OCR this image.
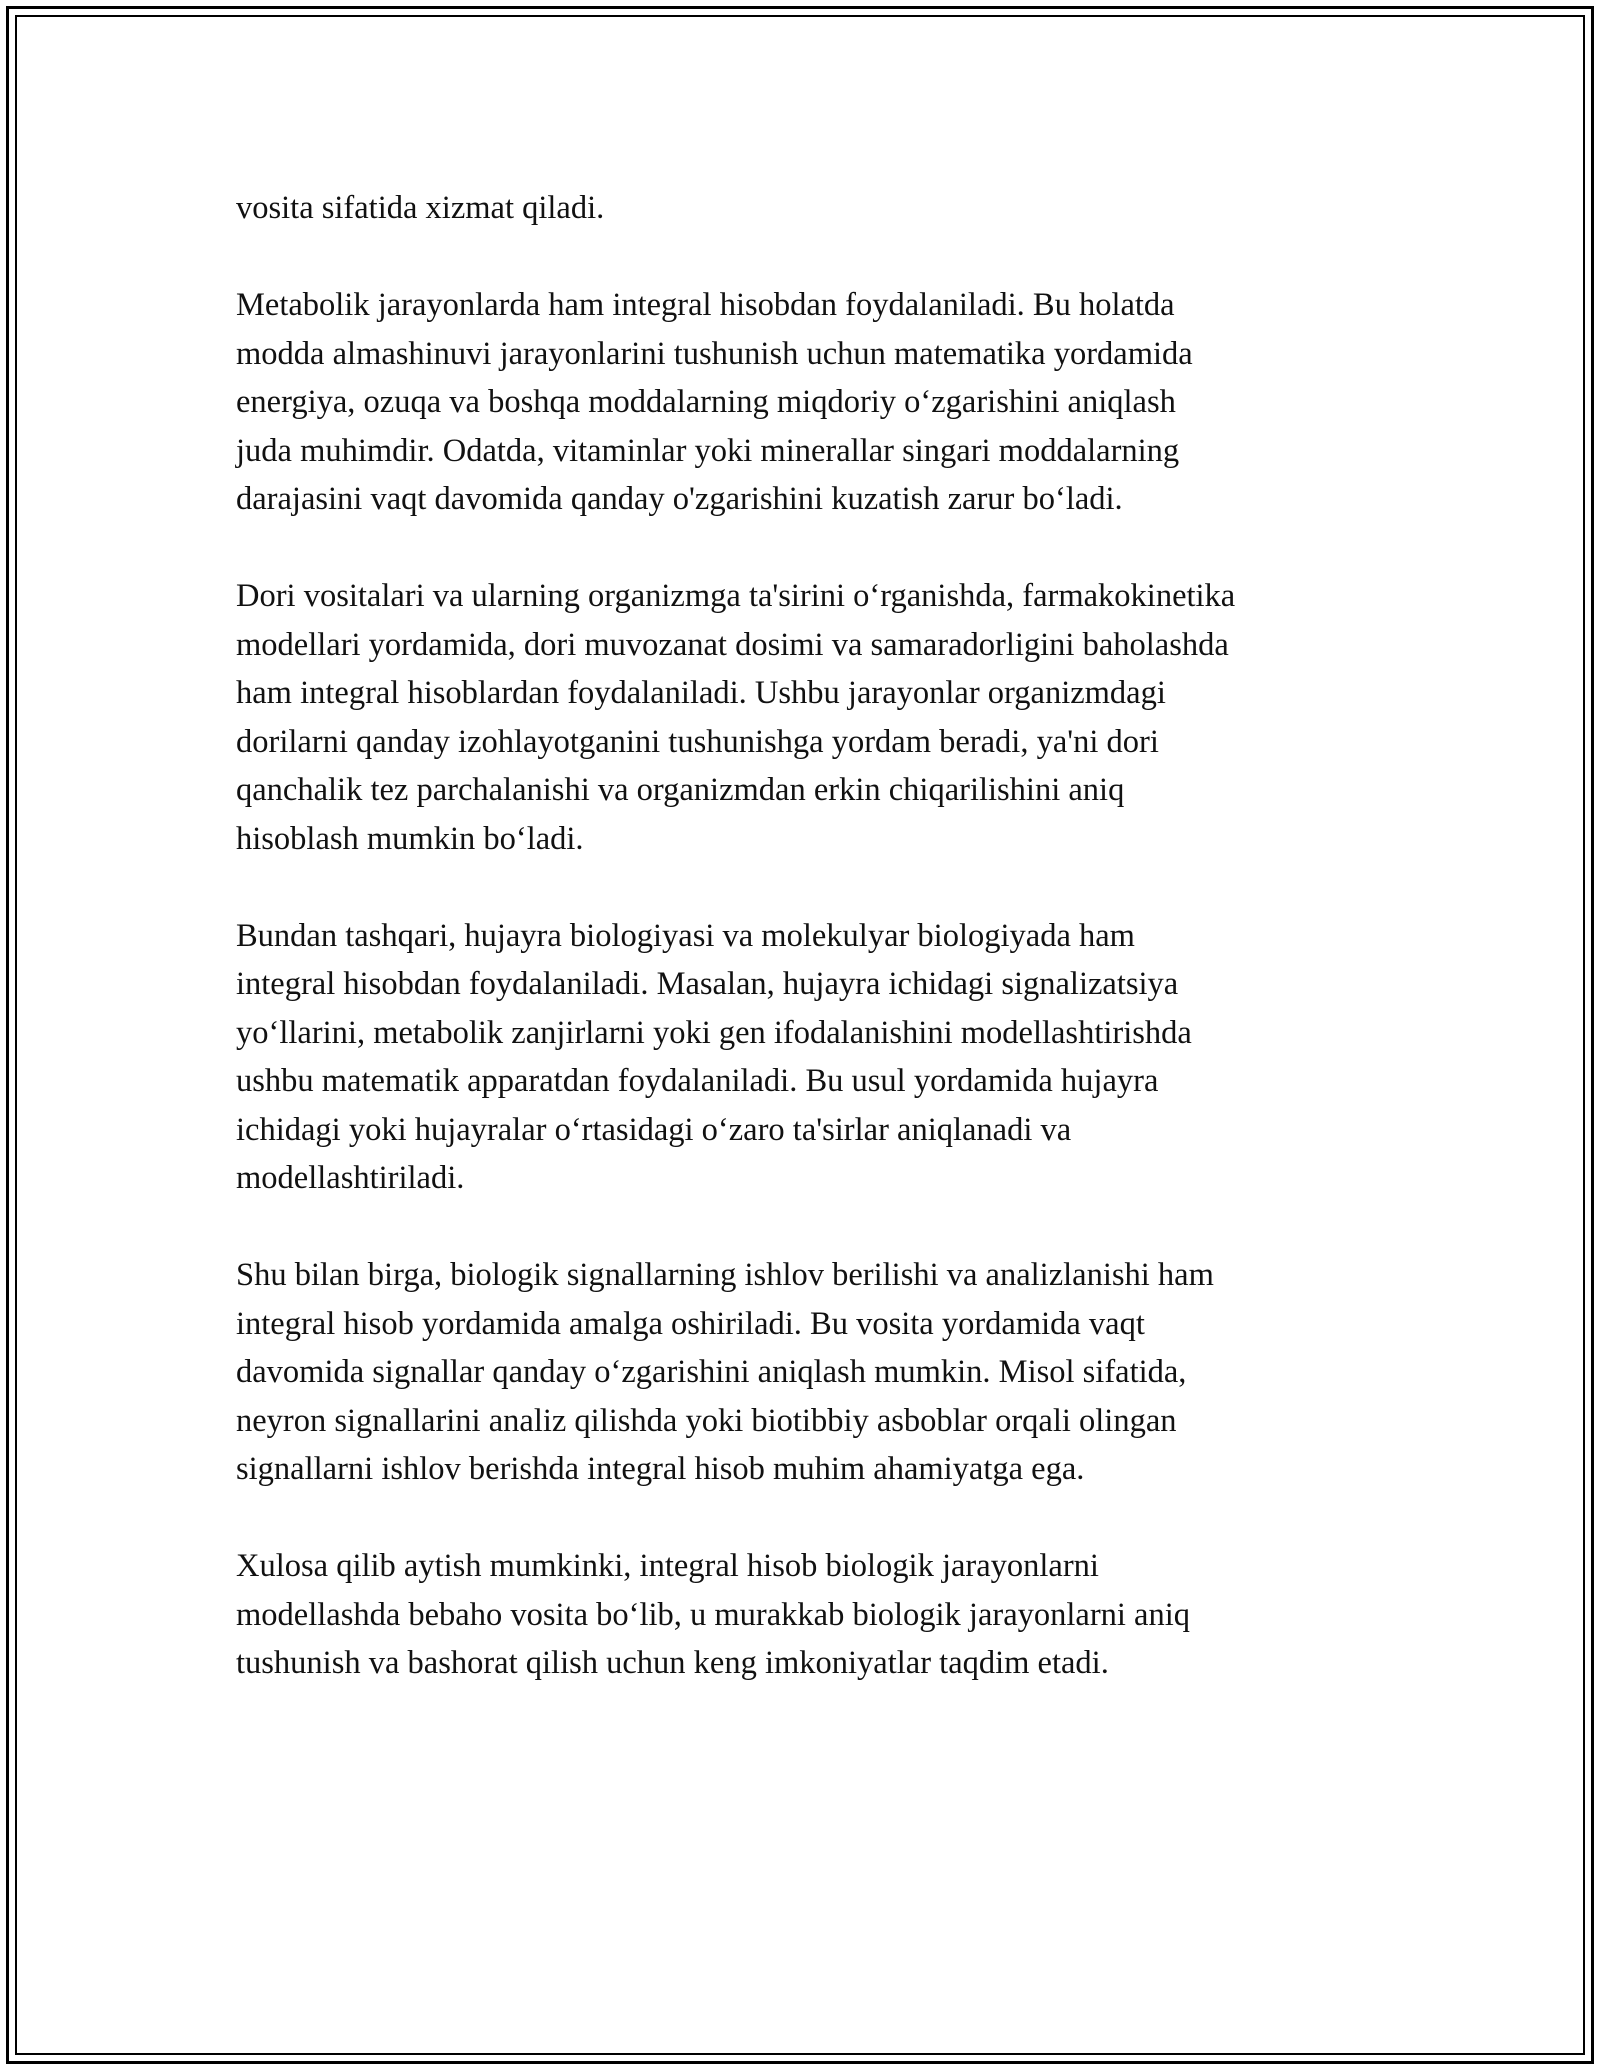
vosita sifatida xizmat qiladi.

Metabolik jarayonlarda ham integral hisobdan foydalaniladi. Bu holatda
modda almashinuvi jarayonlarini tushunish uchun matematika yordamida
energiya, ozuqa va boshqa moddalarning miqdoriy o‘zgarishini aniqlash
juda muhimdir. Odatda, vitaminlar yoki minerallar singari moddalarning
darajasini vaqt davomida qanday o'zgarishini kuzatish zarur bo‘ladi.

Dori vositalari va ularning organizmga ta'sirini o‘rganishda, farmakokinetika
modellari yordamida, dori muvozanat dosimi va samaradorligini baholashda
ham integral hisoblardan foydalaniladi. Ushbu jarayonlar organizmdagi
dorilarni qanday izohlayotganini tushunishga yordam beradi, ya'ni dori
qanchalik tez parchalanishi va organizmdan erkin chiqarilishini aniq
hisoblash mumkin bo‘ladi.

Bundan tashqari, hujayra biologiyasi va molekulyar biologiyada ham
integral hisobdan foydalaniladi. Masalan, hujayra ichidagi signalizatsiya
yo‘llarini, metabolik zanjirlarni yoki gen ifodalanishini modellashtirishda
ushbu matematik apparatdan foydalaniladi. Bu usul yordamida hujayra
ichidagi yoki hujayralar o‘rtasidagi o‘zaro ta'sirlar aniqlanadi va
modellashtiriladi.

Shu bilan birga, biologik signallarning ishlov berilishi va analizlanishi ham
integral hisob yordamida amalga oshiriladi. Bu vosita yordamida vaqt
davomida signallar qanday o‘zgarishini aniqlash mumkin. Misol sifatida,
neyron signallarini analiz qilishda yoki biotibbiy asboblar orqali olingan
signallarni ishlov berishda integral hisob muhim ahamiyatga ega.

Xulosa qilib aytish mumkinki, integral hisob biologik jarayonlarni
modellashda bebaho vosita bo‘lib, u murakkab biologik jarayonlarni aniq
tushunish va bashorat qilish uchun keng imkoniyatlar taqdim etadi.
